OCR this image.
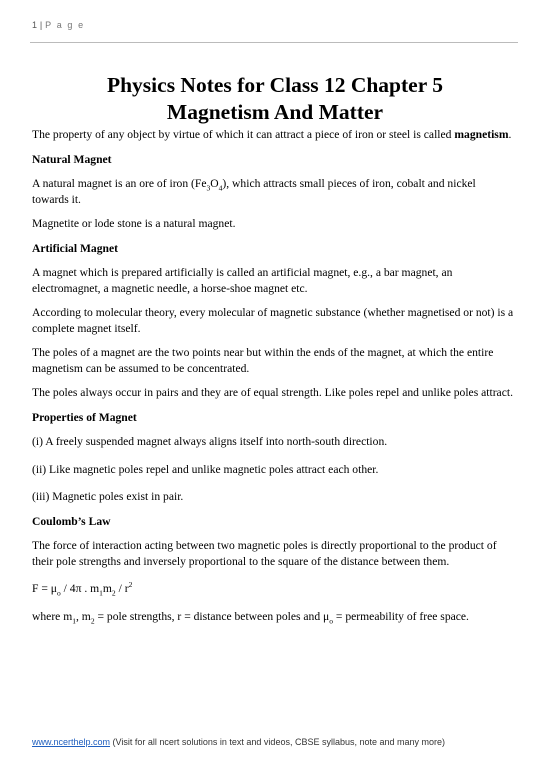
1 | P a g e
Physics Notes for Class 12 Chapter 5
Magnetism And Matter

The property of any object by virtue of which it can attract a piece of iron or steel is called magnetism.

Natural Magnet

A natural magnet is an ore of iron $(Fe_3O_4)$, which attracts small pieces of iron, cobalt and nickel towards it.

Magnetite or lode stone is a natural magnet.

Artificial Magnet

A magnet which is prepared artificially is called an artificial magnet, e.g., a bar magnet, an electromagnet, a magnetic needle, a horse-shoe magnet etc.

According to molecular theory, every molecular of magnetic substance (whether magnetised or not) is a complete magnet itself.

The poles of a magnet are the two points near but within the ends of the magnet, at which the entire magnetism can be assumed to be concentrated.

The poles always occur in pairs and they are of equal strength. Like poles repel and unlike poles attract.

Properties of Magnet

(i) A freely suspended magnet always aligns itself into north-south direction.

(ii) Like magnetic poles repel and unlike magnetic poles attract each other.

(iii) Magnetic poles exist in pair.

Coulomb’s Law

The force of interaction acting between two magnetic poles is directly proportional to the product of their pole strengths and inversely proportional to the square of the distance between them.

$F = \mu_o / 4\pi$ . $m_1m_2 / r^2$

where $m_1$, $m_2$ = pole strengths, r = distance between poles and $\mu_o$ = permeability of free space.

www.ncerthelp.com (Visit for all ncert solutions in text and videos, CBSE syllabus, note and many more)
